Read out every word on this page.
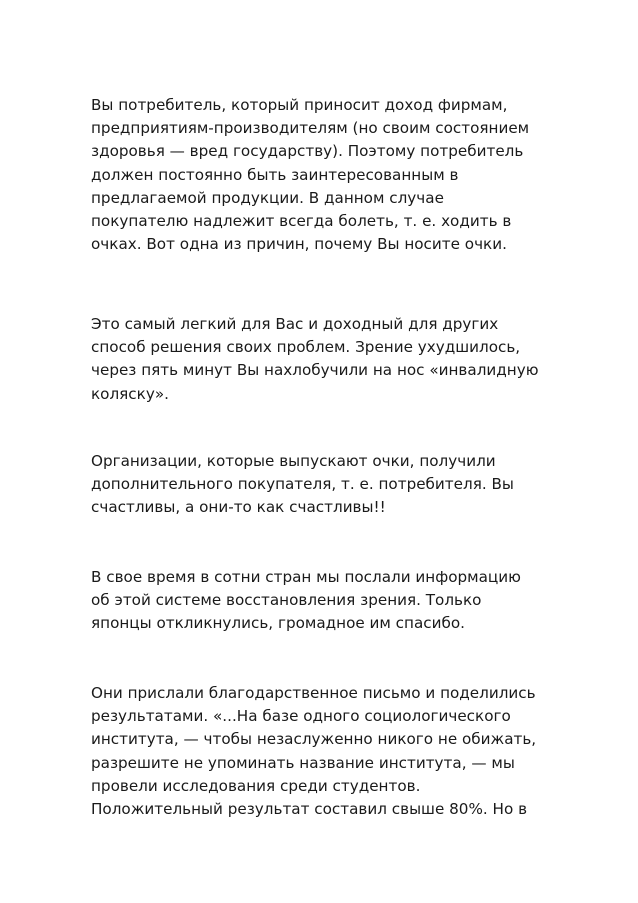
Вы потребитель, который приносит доход фирмам,
предприятиям-производителям (но своим состоянием
здоровья — вред государству). Поэтому потребитель
должен постоянно быть заинтересованным в
предлагаемой продукции. В данном случае
покупателю надлежит всегда болеть, т. е. ходить в
очках. Вот одна из причин, почему Вы носите очки.

Это самый легкий для Вас и доходный для других
способ решения своих проблем. Зрение ухудшилось,
через пять минут Вы нахлобучили на нос «инвалидную
коляску».

Организации, которые выпускают очки, получили
дополнительного покупателя, т. е. потребителя. Вы
счастливы, а они-то как счастливы!!

В свое время в сотни стран мы послали информацию
об этой системе восстановления зрения. Только
японцы откликнулись, громадное им спасибо.

Они прислали благодарственное письмо и поделились
результатами. «...На базе одного социологического
института, — чтобы незаслуженно никого не обижать,
разрешите не упоминать название института, — мы
провели исследования среди студентов.
Положительный результат составил свыше 80%. Но в
